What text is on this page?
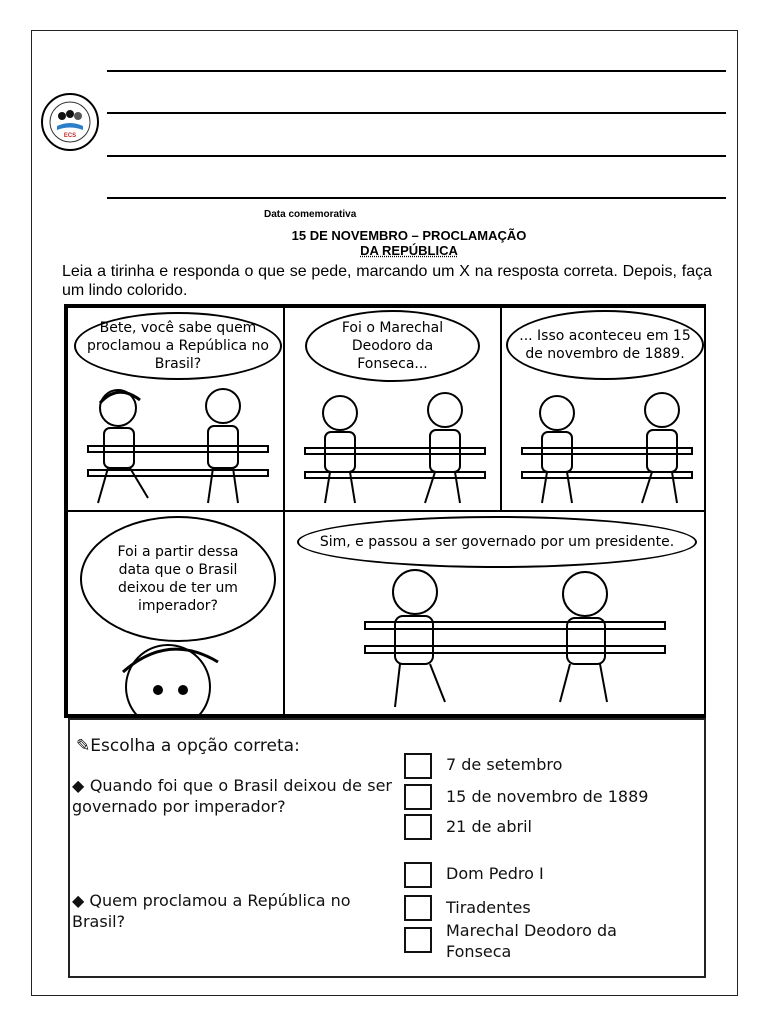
ECS
Data comemorativa
15 DE NOVEMBRO – PROCLAMAÇÃO
DA REPÚBLICA
Leia a tirinha e responda o que se pede, marcando um X na resposta correta. Depois, faça um lindo colorido.
Bete, você sabe quem proclamou a República no Brasil?
Foi o Marechal Deodoro da Fonseca...
... Isso aconteceu em 15 de novembro de 1889.
Foi a partir dessa data que o Brasil deixou de ter um imperador?
Sim, e passou a ser governado por um presidente.
✎Escolha a opção correta:
◆ Quando foi que o Brasil deixou de ser governado por imperador?
7 de setembro
15 de novembro de 1889
21 de abril
◆ Quem proclamou a República no Brasil?
Dom Pedro I
Tiradentes
Marechal Deodoro da Fonseca
